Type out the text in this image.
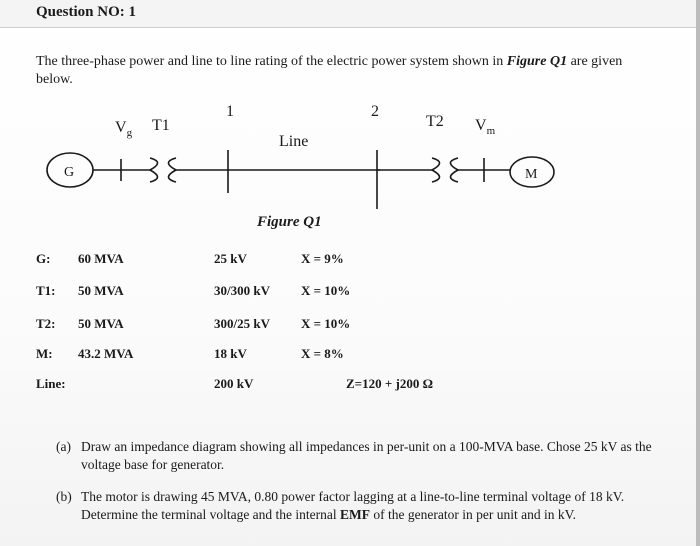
Question NO: 1
The three-phase power and line to line rating of the electric power system shown in Figure Q1 are given below.
G
$V_g$ T1
1	2
Line
T2 $V_m$
M
Figure Q1
G: 60 MVA	25 kV	X = 9%
T1: 50 MVA	30/300 kV X = 10%
T2: 50 MVA	300/25 kV X = 10%
M: 43.2 MVA	18 kV	X = 8%
Line:	200 kV	Z=120 + j200 Ω
(a) Draw an impedance diagram showing all impedances in per-unit on a 100-MVA base. Chose 25 kV as the voltage base for generator.
(b) The motor is drawing 45 MVA, 0.80 power factor lagging at a line-to-line terminal voltage of 18 kV. Determine the terminal voltage and the internal EMF of the generator in per unit and in kV.
